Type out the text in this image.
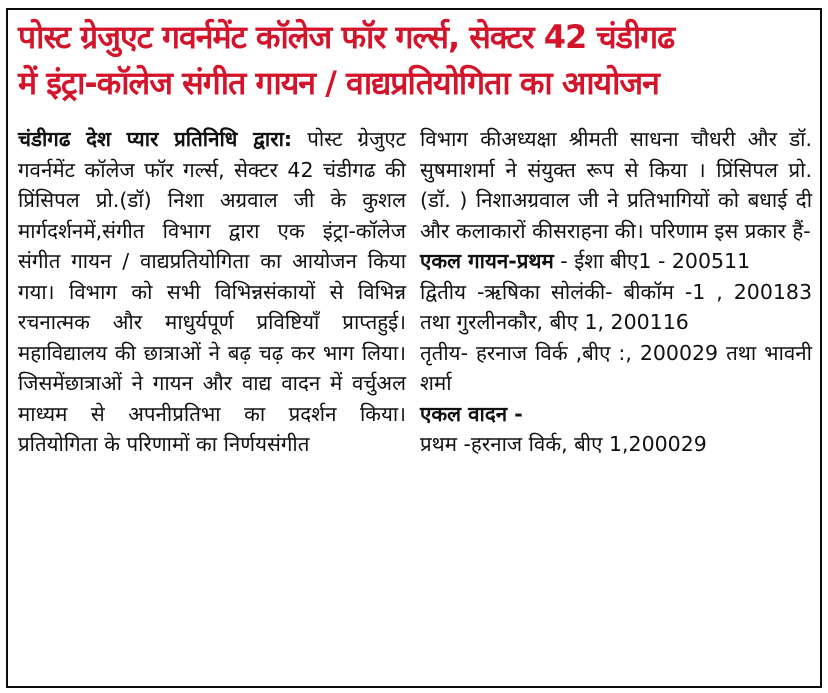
पोस्ट ग्रेजुएट गवर्नमेंट कॉलेज फॉर गर्ल्स, सेक्टर 42 चंडीगढ
में इंट्रा-कॉलेज संगीत गायन / वाद्यप्रतियोगिता का आयोजन

चंडीगढ देश प्यार प्रतिनिधि द्वारा: पोस्ट ग्रेजुएट गवर्नमेंट कॉलेज फॉर गर्ल्स, सेक्टर 42 चंडीगढ की प्रिंसिपल प्रो.(डॉ) निशा अग्रवाल जी के कुशल मार्गदर्शनमें,संगीत विभाग द्वारा एक इंट्रा-कॉलेज संगीत गायन / वाद्यप्रतियोगिता का आयोजन किया गया। विभाग को सभी विभिन्नसंकायों से विभिन्न रचनात्मक और माधुर्यपूर्ण प्रविष्टियाँ प्राप्तहुई। महाविद्यालय की छात्राओं ने बढ़ चढ़ कर भाग लिया।जिसमेंछात्राओं ने गायन और वाद्य वादन में वर्चुअल माध्यम से अपनीप्रतिभा का प्रदर्शन किया। प्रतियोगिता के परिणामों का निर्णयसंगीत

विभाग कीअध्यक्षा श्रीमती साधना चौधरी और डॉ. सुषमाशर्मा ने संयुक्त रूप से किया । प्रिंसिपल प्रो. (डॉ. ) निशाअग्रवाल जी ने प्रतिभागियों को बधाई दी और कलाकारों कीसराहना की। परिणाम इस प्रकार हैं-

एकल गायन-प्रथम - ईशा बीए1 - 200511

द्वितीय -ऋषिका सोलंकी- बीकॉम -1 , 200183 तथा गुरलीनकौर, बीए 1, 200116

तृतीय- हरनाज विर्क ,बीए :, 200029 तथा भावनी शर्मा

एकल वादन -

प्रथम -हरनाज विर्क, बीए 1,200029
